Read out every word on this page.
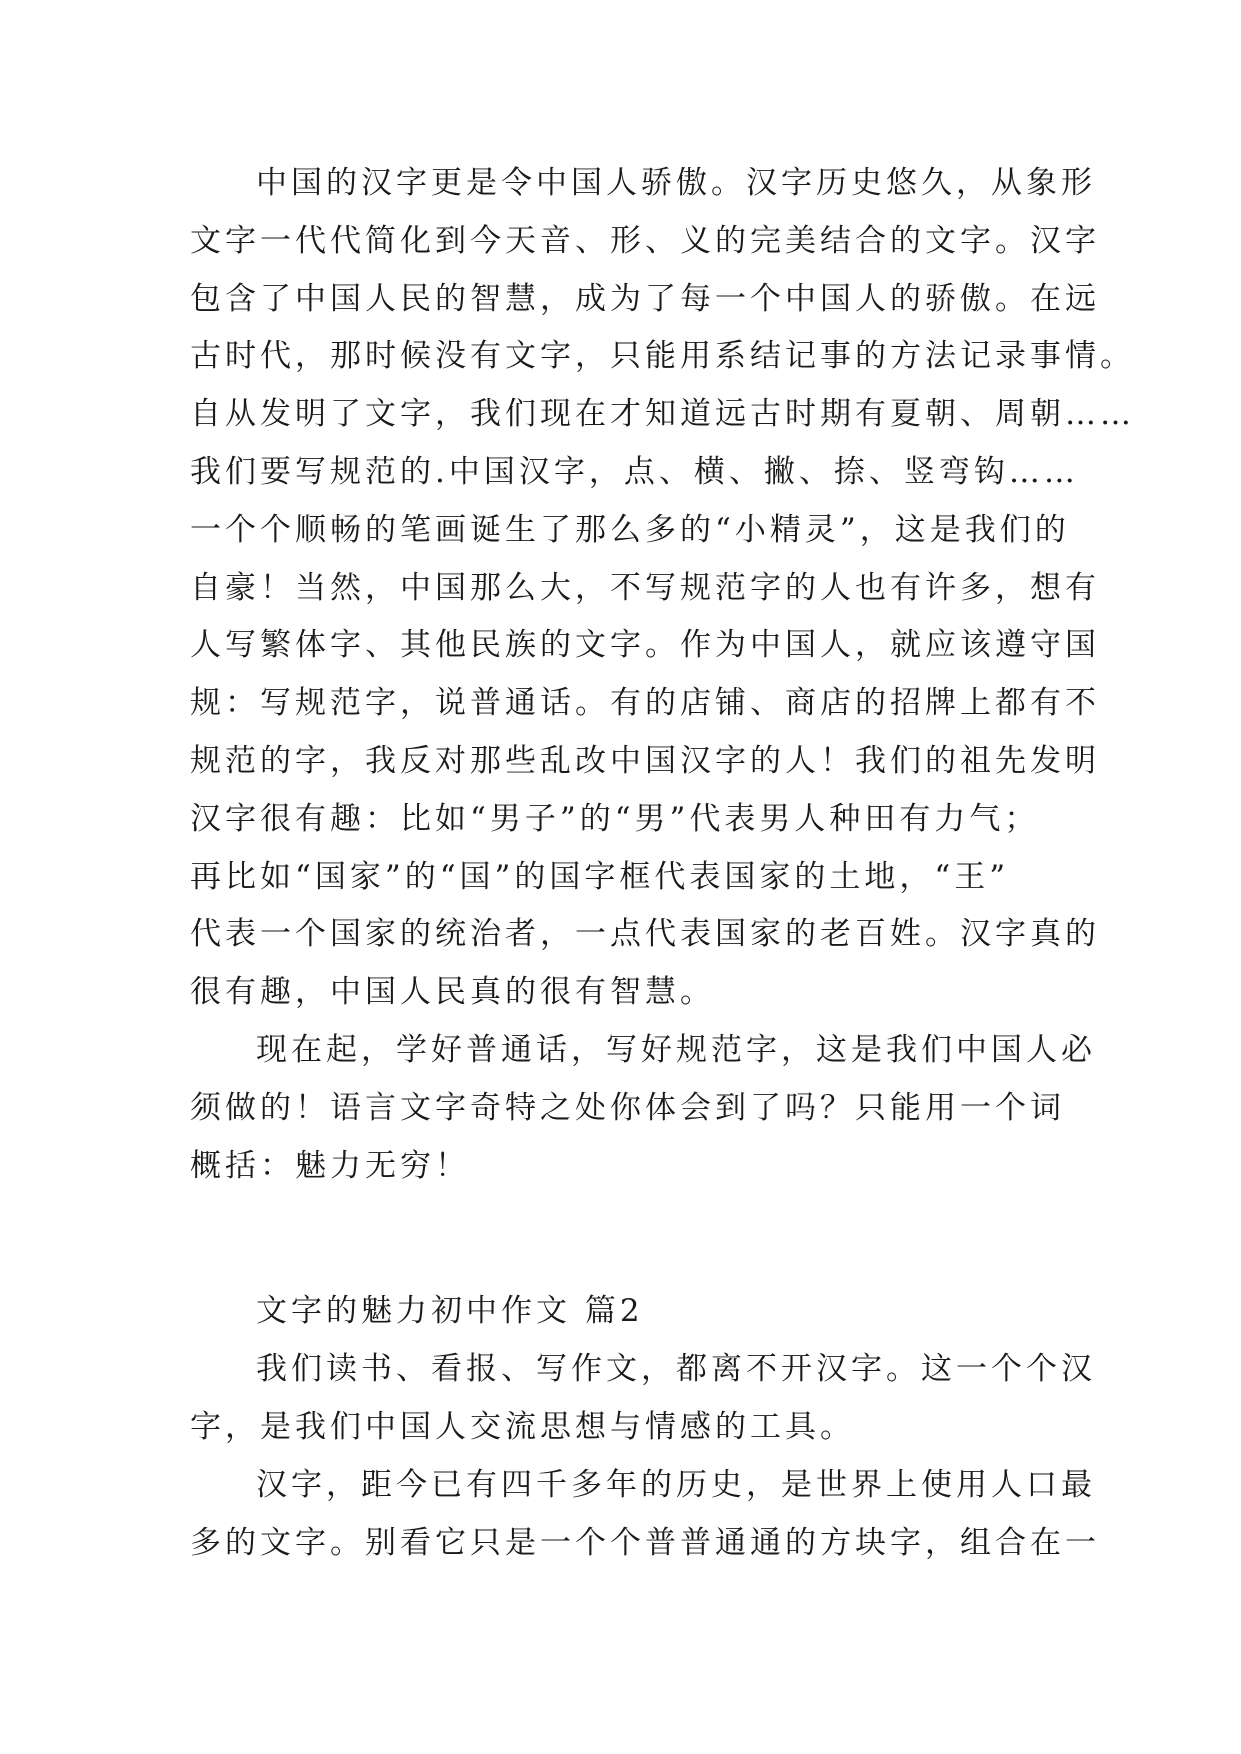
中国的汉字更是令中国人骄傲。汉字历史悠久，从象形
文字一代代简化到今天音、形、义的完美结合的文字。汉字
包含了中国人民的智慧，成为了每一个中国人的骄傲。在远
古时代，那时候没有文字，只能用系结记事的方法记录事情。
自从发明了文字，我们现在才知道远古时期有夏朝、周朝……
我们要写规范的.中国汉字，点、横、撇、捺、竖弯钩……
一个个顺畅的笔画诞生了那么多的“小精灵”，这是我们的
自豪！当然，中国那么大，不写规范字的人也有许多，想有
人写繁体字、其他民族的文字。作为中国人，就应该遵守国
规：写规范字，说普通话。有的店铺、商店的招牌上都有不
规范的字，我反对那些乱改中国汉字的人！我们的祖先发明
汉字很有趣：比如“男子”的“男”代表男人种田有力气；
再比如“国家”的“国”的国字框代表国家的土地，“王”
代表一个国家的统治者，一点代表国家的老百姓。汉字真的
很有趣，中国人民真的很有智慧。
现在起，学好普通话，写好规范字，这是我们中国人必
须做的！语言文字奇特之处你体会到了吗？只能用一个词
概括：魅力无穷！
文字的魅力初中作文 篇2
我们读书、看报、写作文，都离不开汉字。这一个个汉
字，是我们中国人交流思想与情感的工具。
汉字，距今已有四千多年的历史，是世界上使用人口最
多的文字。别看它只是一个个普普通通的方块字，组合在一
